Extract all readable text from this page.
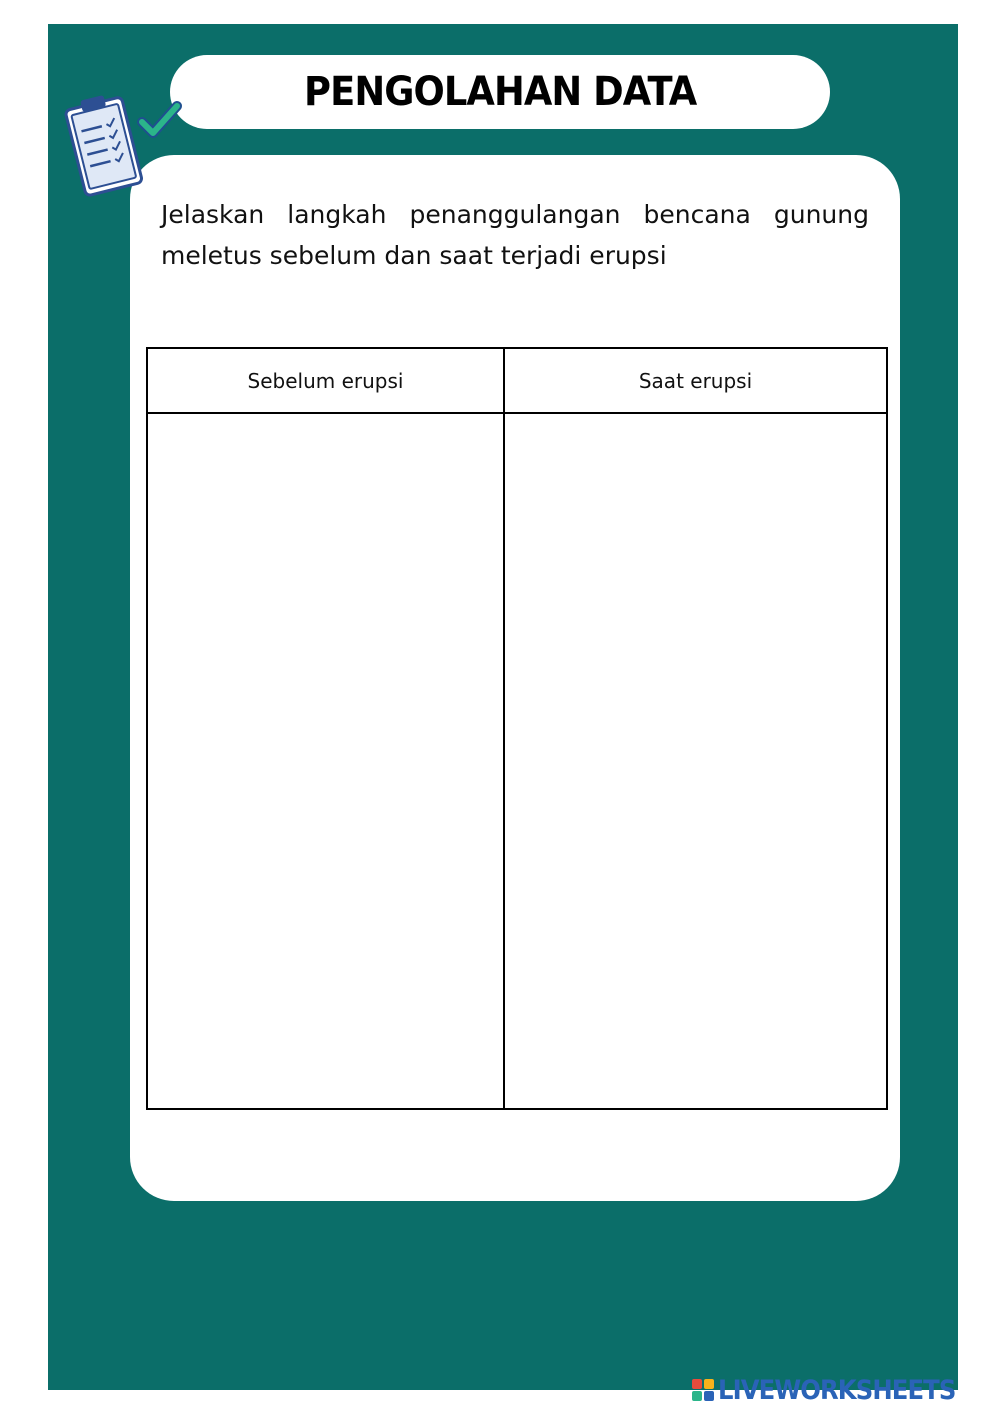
PENGOLAHAN DATA
Jelaskan langkah penanggulangan bencana gunung meletus sebelum dan saat terjadi erupsi
Sebelum erupsi	Saat erupsi

LIVEWORKSHEETS
